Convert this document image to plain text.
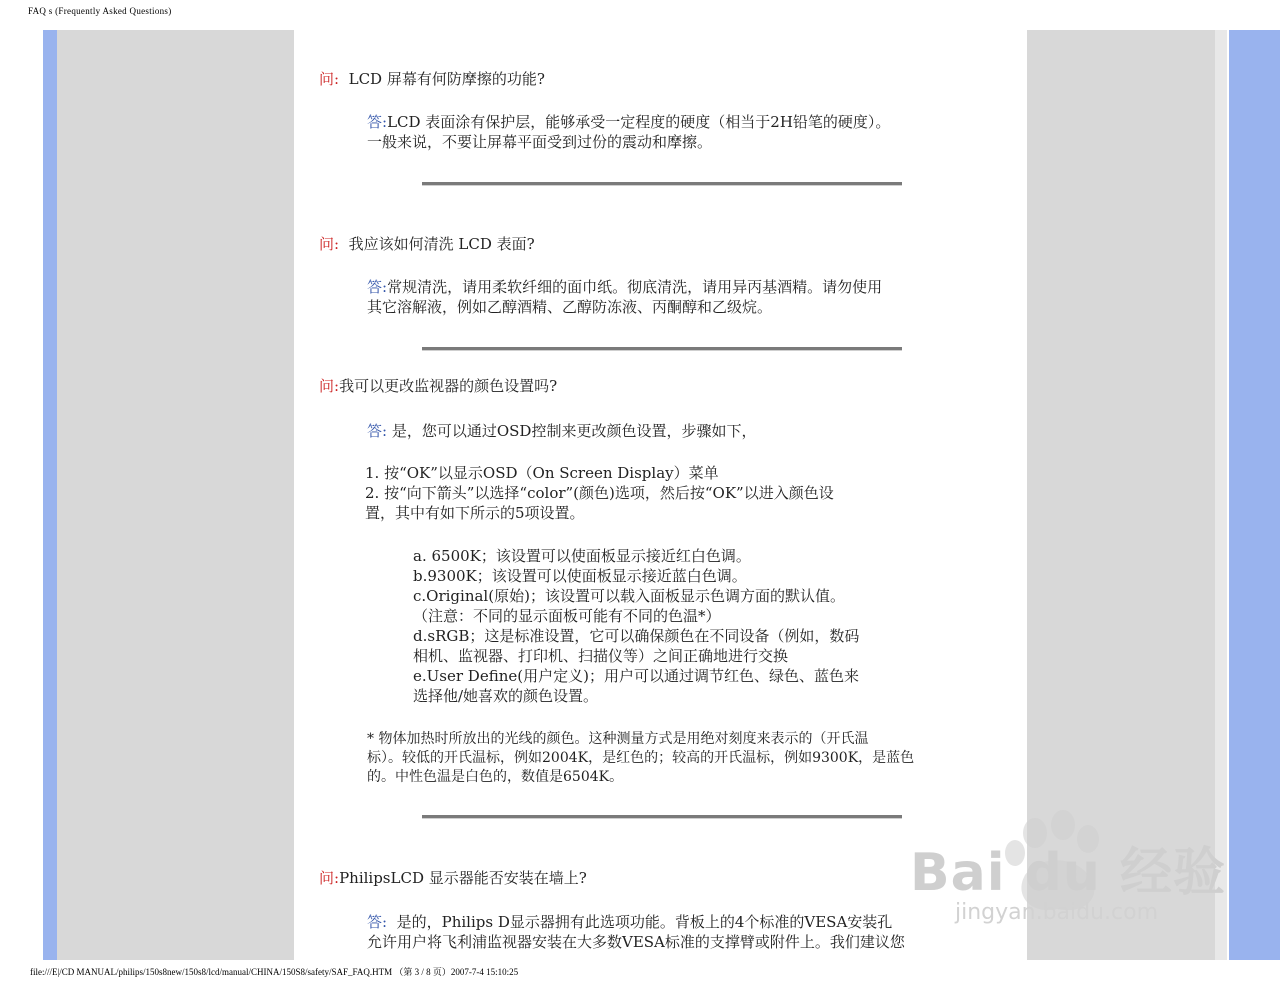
FAQ s (Frequently Asked Questions)
问: LCD 屏幕有何防摩擦的功能?
答:LCD 表面涂有保护层，能够承受一定程度的硬度（相当于2H铅笔的硬度）。
一般来说，不要让屏幕平面受到过份的震动和摩擦。
问: 我应该如何清洗 LCD 表面?
答:常规清洗，请用柔软纤细的面巾纸。彻底清洗，请用异丙基酒精。请勿使用
其它溶解液，例如乙醇酒精、乙醇防冻液、丙酮醇和乙级烷。
问:我可以更改监视器的颜色设置吗?
答: 是，您可以通过OSD控制来更改颜色设置，步骤如下，
1. 按“OK”以显示OSD（On Screen Display）菜单
2. 按“向下箭头”以选择“color”(颜色)选项，然后按“OK”以进入颜色设
置，其中有如下所示的5项设置。
a. 6500K；该设置可以使面板显示接近红白色调。
b.9300K；该设置可以使面板显示接近蓝白色调。
c.Original(原始)；该设置可以载入面板显示色调方面的默认值。
（注意：不同的显示面板可能有不同的色温*）
d.sRGB；这是标准设置，它可以确保颜色在不同设备（例如，数码
相机、监视器、打印机、扫描仪等）之间正确地进行交换
e.User Define(用户定义)；用户可以通过调节红色、绿色、蓝色来
选择他/她喜欢的颜色设置。
* 物体加热时所放出的光线的颜色。这种测量方式是用绝对刻度来表示的（开氏温
标）。较低的开氏温标，例如2004K，是红色的；较高的开氏温标，例如9300K，是蓝色
的。中性色温是白色的，数值是6504K。
问:PhilipsLCD 显示器能否安装在墙上?
答: 是的，Philips D显示器拥有此选项功能。背板上的4个标准的VESA安装孔
允许用户将飞利浦监视器安装在大多数VESA标准的支撑臂或附件上。我们建议您
Bai du 经验
jingyan.baidu.com
file:///E|/CD MANUAL/philips/150s8new/150s8/lcd/manual/CHINA/150S8/safety/SAF_FAQ.HTM （第 3 / 8 页）2007-7-4 15:10:25
